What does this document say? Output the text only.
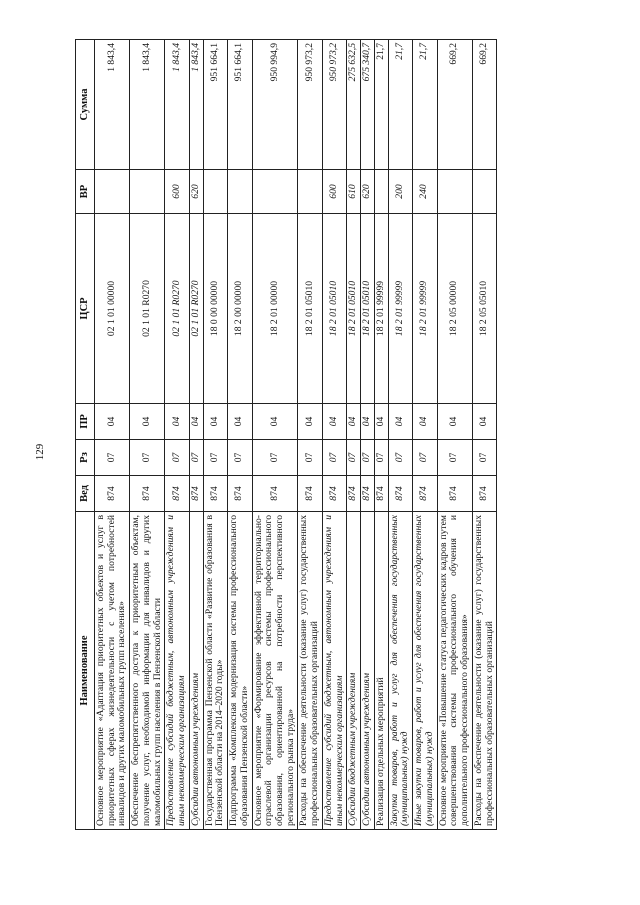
129
Наименование	Вед	Рз	ПР	ЦСР	ВР	Сумма
Основное мероприятие «Адаптация приоритетных объектов и услуг в приоритетных сферах жизнедеятельности с учетом потребностей инвалидов и других маломобильных групп населения»	874	07	04	02 1 01 00000		1 843,4
Обеспечение беспрепятственного доступа к приоритетным объектам, получение услуг, необходимой информации для инвалидов и других маломобильных групп населения в Пензенской области	874	07	04	02 1 01 R0270		1 843,4
Предоставление субсидий бюджетным, автономным учреждениям и иным некоммерческим организациям	874	07	04	02 1 01 R0270	600	1 843,4
Субсидии автономным учреждениям	874	07	04	02 1 01 R0270	620	1 843,4
Государственная программа Пензенской области «Развитие образования в Пензенской области на 2014–2020 годы»	874	07	04	18 0 00 00000		951 664,1
Подпрограмма «Комплексная модернизация системы профессионального образования Пензенской области»	874	07	04	18 2 00 00000		951 664,1
Основное мероприятие «Формирование эффективной территориально-отраслевой организации ресурсов системы профессионального образования, ориентированной на потребности перспективного регионального рынка труда»	874	07	04	18 2 01 00000		950 994,9
Расходы на обеспечение деятельности (оказание услуг) государственных профессиональных образовательных организаций	874	07	04	18 2 01 05010		950 973,2
Предоставление субсидий бюджетным, автономным учреждениям и иным некоммерческим организациям	874	07	04	18 2 01 05010	600	950 973,2
Субсидии бюджетным учреждениям	874	07	04	18 2 01 05010	610	275 632,5
Субсидии автономным учреждениям	874	07	04	18 2 01 05010	620	675 340,7
Реализация отдельных мероприятий	874	07	04	18 2 01 99999		21,7
Закупка товаров, работ и услуг для обеспечения государственных (муниципальных) нужд	874	07	04	18 2 01 99999	200	21,7
Иные закупки товаров, работ и услуг для обеспечения государственных (муниципальных) нужд	874	07	04	18 2 01 99999	240	21,7
Основное мероприятие «Повышение статуса педагогических кадров путем совершенствования системы профессионального обучения и дополнительного профессионального образования»	874	07	04	18 2 05 00000		669,2
Расходы на обеспечение деятельности (оказание услуг) государственных профессиональных образовательных организаций	874	07	04	18 2 05 05010		669,2
